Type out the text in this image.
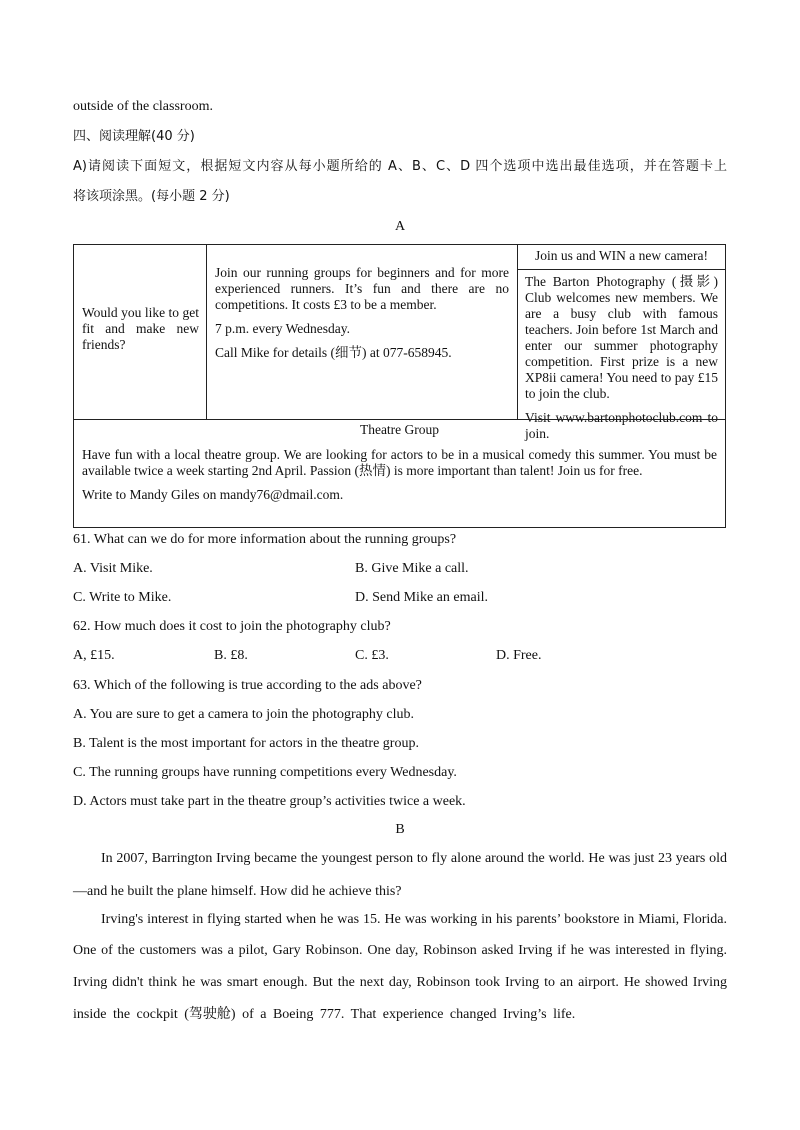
outside of the classroom.
四、阅读理解(40 分)
A)请阅读下面短文，根据短文内容从每小题所给的 A、B、C、D 四个选项中选出最佳选项，并在答题卡上
将该项涂黑。(每小题 2 分)
A
Would you like to get fit and make new friends?
Join our running groups for beginners and for more experienced runners. It’s fun and there are no competitions. It costs £3 to be a member.
7 p.m. every Wednesday.
Call Mike for details (细节) at 077-658945.
Join us and WIN a new camera!
The Barton Photography (摄影) Club welcomes new members. We are a busy club with famous teachers. Join before 1st March and enter our summer photography competition. First prize is a new XP8ii camera! You need to pay £15 to join the club.
Visit www.bartonphotoclub.com to join.
Theatre Group
Have fun with a local theatre group. We are looking for actors to be in a musical comedy this summer. You must be available twice a week starting 2nd April. Passion (热情) is more important than talent! Join us for free.
Write to Mandy Giles on mandy76@dmail.com.
61. What can we do for more information about the running groups?
A. Visit Mike.	B. Give Mike a call.
C. Write to Mike.	D. Send Mike an email.
62. How much does it cost to join the photography club?
A, £15.	B. £8.	C. £3.	D. Free.
63. Which of the following is true according to the ads above?
A. You are sure to get a camera to join the photography club.
B. Talent is the most important for actors in the theatre group.
C. The running groups have running competitions every Wednesday.
D. Actors must take part in the theatre group’s activities twice a week.
B
In 2007, Barrington Irving became the youngest person to fly alone around the world. He was just 23 years old
—and he built the plane himself. How did he achieve this?
Irving's interest in flying started when he was 15. He was working in his parents’ bookstore in Miami, Florida.
One of the customers was a pilot, Gary Robinson. One day, Robinson asked Irving if he was interested in flying.
Irving didn't think he was smart enough. But the next day, Robinson took Irving to an airport. He showed Irving
inside the cockpit (驾驶舱) of a Boeing 777. That experience changed Irving’s life.
